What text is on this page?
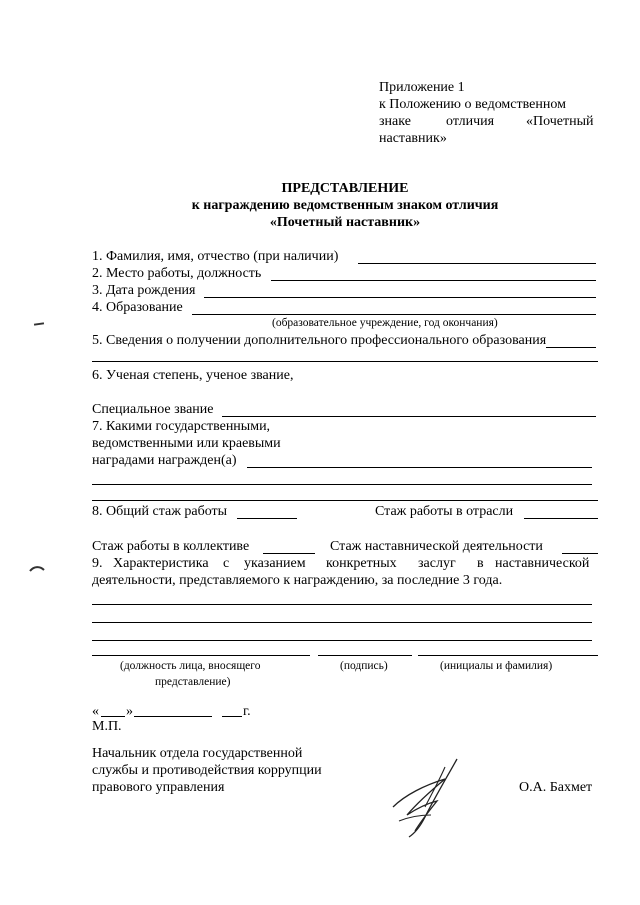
Приложение 1
к Положению о ведомственном
знаке	отличия «Почетный
наставник»
ПРЕДСТАВЛЕНИЕ
к награждению ведомственным знаком отличия
«Почетный наставник»
1. Фамилия, имя, отчество (при наличии)
2. Место работы, должность
3. Дата рождения
4. Образование
(образовательное учреждение, год окончания)
5. Сведения о получении дополнительного профессионального образования
6. Ученая степень, ученое звание,
Специальное звание
7. Какими государственными,
ведомственными или краевыми
наградами награжден(а)
8. Общий стаж работы	Стаж работы в отрасли
Стаж работы в коллективе	Стаж наставнической деятельности
9. Характеристика с указанием конкретных заслуг в наставнической
деятельности, представляемого к награждению, за последние 3 года.
(должность лица, вносящего
представление)
(подпись)	(инициалы и фамилия)
« »	г.
М.П.
Начальник отдела государственной
службы и противодействия коррупции
правового управления	О.А. Бахмет
